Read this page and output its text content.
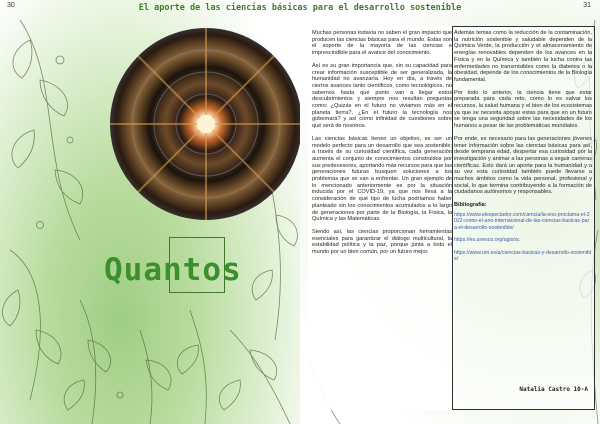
30
Quantos
31
El aporte de las ciencias básicas para el desarrollo sostenible

Muchas personas todavía no saben el gran impacto que producen las ciencias básicas para el mundo. Estas son el soporte de la mayoría de las ciencias e imprescindible para el avance del conocimiento.

Así es su gran importancia que, sin su capacidad para crear información susceptible de ser generalizada, la humanidad no avanzaría. Hoy en día, a través de ciertos avances tanto científicos, como tecnológicos, no sabemos hasta qué punto van a llegar estos descubrimientos y siempre nos resultan preguntas como: ¿Quizás en el futuro no viviamos más en el planeta tierra?, ¿En el futuro la tecnología nos gobernará? y así como infinidad de cuestiones sobre qué será de nosotros.

Las ciencias básicas tienen un objetivo, es ser un modelo perfecto para un desarrollo que sea sostenible; a través de su curiosidad científica, cada generación aumenta el conjunto de conocimientos construidos por sus predecesores, aportando más recursos para que las generaciones futuras busquen soluciones a los problemas que se van a enfrentar. Un gran ejemplo de lo mencionado anteriormente es por la situación inducida por el COVID-19, ya que nos lleva a la consideración de qué tipo de lucha podríamos haber planteado sin los conocimientos acumulados a lo largo de generaciones por parte de la Biología, la Física, la Química y las Matemáticas.

Siendo así, las ciencias proporcionan herramientas esenciales para garantizar el diálogo multicultural, la estabilidad política y la paz, porque junta a todo el mundo por un bien común, por un futuro mejor.

Además temas como la reducción de la contaminación, la nutrición sostenible y saludable dependen de la Química Verde, la producción y el almacenamiento de energías renovables dependen de los avances en la Física y en la Química y también la lucha contra las enfermedades no transmisibles como la diabetes o la obesidad, depende de los conocimientos de la Biología fundamental.

Por todo lo anterior, la ciencia tiene que estar preparada para cada reto, como lo es salvar los recursos, la salud humana y el bien de los ecosistemas ya que se necesita apoyar estas para que en un futuro se tenga una seguridad sobre las necesidades de los humanos a pesar de las problemáticas mundiales.

Por ende, es necesario para las generaciones jóvenes tener información sobre las ciencias básicas para así, desde temprana edad, despertar esa curiosidad por la investigación y animar a las personas a seguir carreras científicas. Esto dará un aporte para la humanidad y a su vez esta curiosidad también puede llevarse a muchos ámbitos como la vida personal, profesional y social, lo que termina contribuyendo a la formación de ciudadanos autónomos y responsables.

Bibliografía:

https://www.elespectador.com/ciencia/la-onu-proclama-el-2022-como-el-ano-internacional-de-las-ciencias-basicas-para-el-desarrollo-sostenible/

https://es.unesco.org/ugis/sc

https://www.um.es/a/ciencias-basicas-y-desarrollo-sostenible/

Natalia Castro 10-A
